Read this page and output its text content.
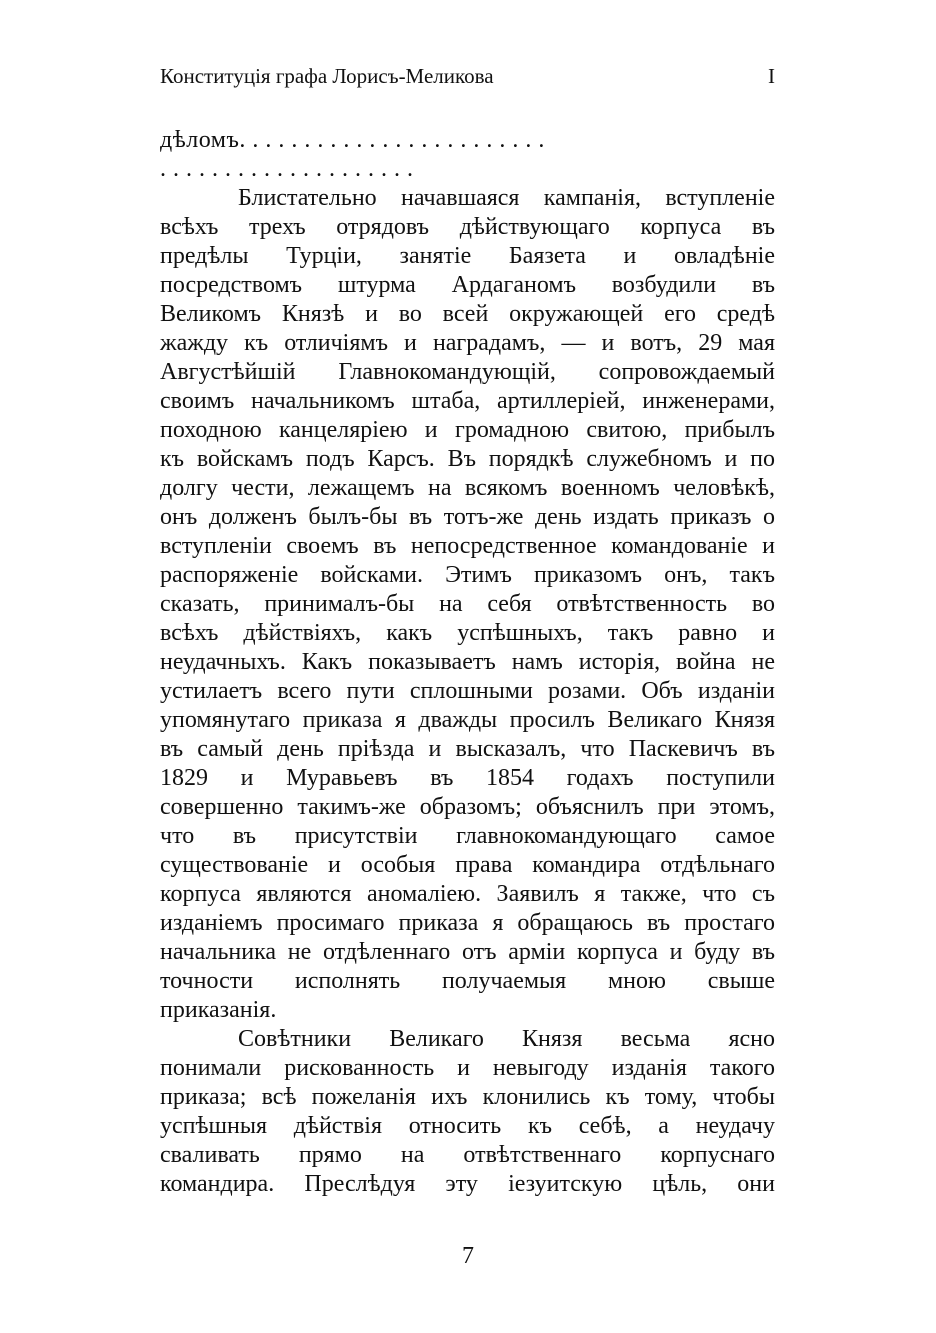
Конституція графа Лорисъ-Меликова	I
дѣломъ. . . . . . . . . . . . . . . . . . . . . . . .
. . . . . . . . . . . . . . . . . . . .
Блистательно начавшаяся кампанія, вступленіе
всѣхъ трехъ отрядовъ дѣйствующаго корпуса въ
предѣлы Турціи, занятіе Баязета и овладѣніе
посредствомъ штурма Ардаганомъ возбудили въ
Великомъ Князѣ и во всей окружающей его средѣ
жажду къ отличіямъ и наградамъ, — и вотъ, 29 мая
Августѣйшій Главнокомандующій, сопровождаемый
своимъ начальникомъ штаба, артиллеріей, инженерами,
походною канцеляріею и громадною свитою, прибылъ
къ войскамъ подъ Карсъ. Въ порядкѣ служебномъ и по
долгу чести, лежащемъ на всякомъ военномъ человѣкѣ,
онъ долженъ былъ-бы въ тотъ-же день издать приказъ о
вступленіи своемъ въ непосредственное командованіе и
распоряженіе войсками. Этимъ приказомъ онъ, такъ
сказать, принималъ-бы на себя отвѣтственность во
всѣхъ дѣйствіяхъ, какъ успѣшныхъ, такъ равно и
неудачныхъ. Какъ показываетъ намъ исторія, война не
устилаетъ всего пути сплошными розами. Объ изданіи
упомянутаго приказа я дважды просилъ Великаго Князя
въ самый день пріѣзда и высказалъ, что Паскевичъ въ
1829 и Муравьевъ въ 1854 годахъ поступили
совершенно такимъ-же образомъ; объяснилъ при этомъ,
что въ присутствіи главнокомандующаго самое
существованіе и особыя права командира отдѣльнаго
корпуса являются аномаліею. Заявилъ я также, что съ
изданіемъ просимаго приказа я обращаюсь въ простаго
начальника не отдѣленнаго отъ арміи корпуса и буду въ
точности исполнять получаемыя мною свыше
приказанія.
Совѣтники Великаго Князя весьма ясно
понимали рискованность и невыгоду изданія такого
приказа; всѣ пожеланія ихъ клонились къ тому, чтобы
успѣшныя дѣйствія относить къ себѣ, а неудачу
сваливать прямо на отвѣтственнаго корпуснаго
командира. Преслѣдуя эту іезуитскую цѣль, они
7
